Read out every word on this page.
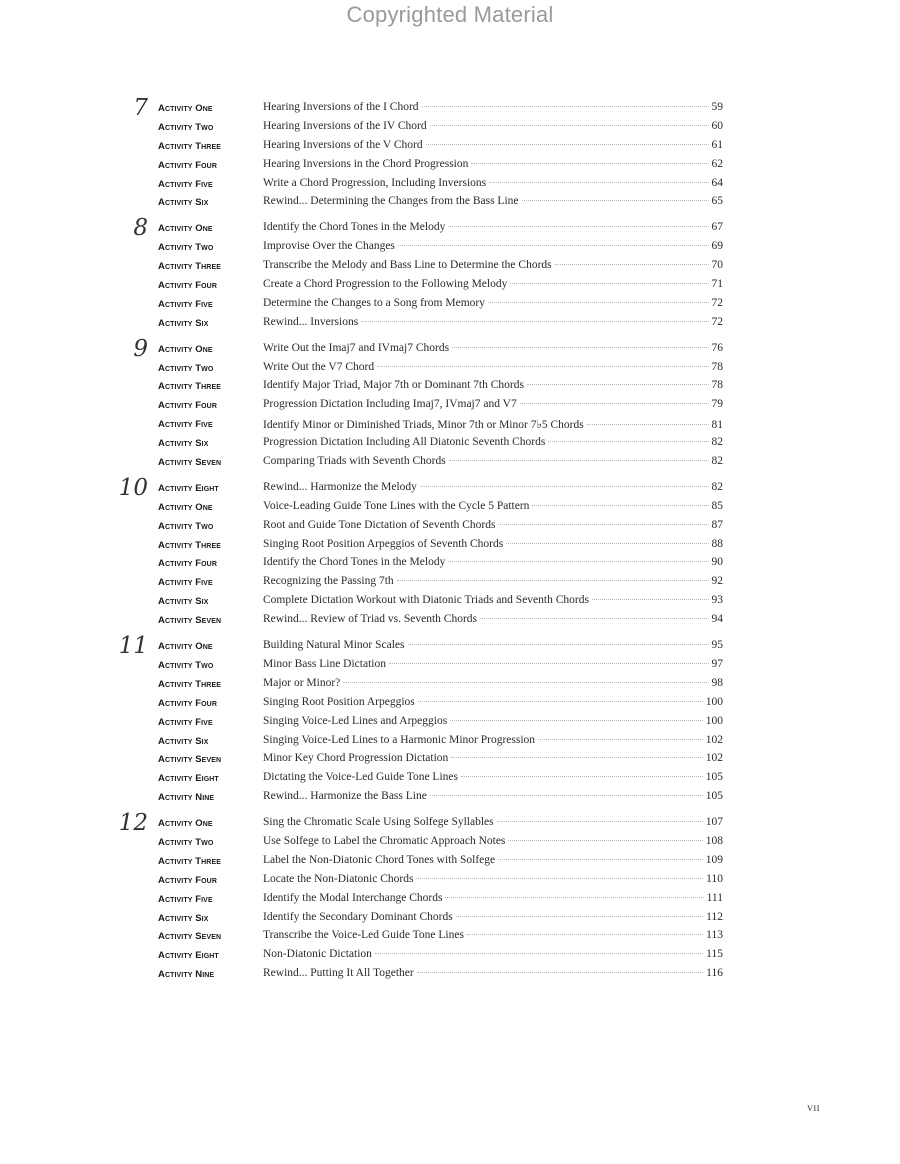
Copyrighted Material
7 Activity One	Hearing Inversions of the I Chord	59
Activity Two	Hearing Inversions of the IV Chord	60
Activity Three	Hearing Inversions of the V Chord	61
Activity Four	Hearing Inversions in the Chord Progression	62
Activity Five	Write a Chord Progression, Including Inversions	64
Activity Six	Rewind... Determining the Changes from the Bass Line	65
8 Activity One	Identify the Chord Tones in the Melody	67
Activity Two	Improvise Over the Changes	69
Activity Three	Transcribe the Melody and Bass Line to Determine the Chords	70
Activity Four	Create a Chord Progression to the Following Melody	71
Activity Five	Determine the Changes to a Song from Memory	72
Activity Six	Rewind... Inversions	72
9 Activity One	Write Out the Imaj7 and IVmaj7 Chords	76
Activity Two	Write Out the V7 Chord	78
Activity Three	Identify Major Triad, Major 7th or Dominant 7th Chords	78
Activity Four	Progression Dictation Including Imaj7, IVmaj7 and V7	79
Activity Five	Identify Minor or Diminished Triads, Minor 7th or Minor 7♭5 Chords	81
Activity Six	Progression Dictation Including All Diatonic Seventh Chords	82
Activity Seven	Comparing Triads with Seventh Chords	82
10 Activity Eight	Rewind... Harmonize the Melody	82
Activity One	Voice-Leading Guide Tone Lines with the Cycle 5 Pattern	85
Activity Two	Root and Guide Tone Dictation of Seventh Chords	87
Activity Three	Singing Root Position Arpeggios of Seventh Chords	88
Activity Four	Identify the Chord Tones in the Melody	90
Activity Five	Recognizing the Passing 7th	92
Activity Six	Complete Dictation Workout with Diatonic Triads and Seventh Chords	93
Activity Seven	Rewind... Review of Triad vs. Seventh Chords	94
11 Activity One	Building Natural Minor Scales	95
Activity Two	Minor Bass Line Dictation	97
Activity Three	Major or Minor?	98
Activity Four	Singing Root Position Arpeggios	100
Activity Five	Singing Voice-Led Lines and Arpeggios	100
Activity Six	Singing Voice-Led Lines to a Harmonic Minor Progression	102
Activity Seven	Minor Key Chord Progression Dictation	102
Activity Eight	Dictating the Voice-Led Guide Tone Lines	105
Activity Nine	Rewind... Harmonize the Bass Line	105
12 Activity One	Sing the Chromatic Scale Using Solfege Syllables	107
Activity Two	Use Solfege to Label the Chromatic Approach Notes	108
Activity Three	Label the Non-Diatonic Chord Tones with Solfege	109
Activity Four	Locate the Non-Diatonic Chords	110
Activity Five	Identify the Modal Interchange Chords	111
Activity Six	Identify the Secondary Dominant Chords	112
Activity Seven	Transcribe the Voice-Led Guide Tone Lines	113
Activity Eight	Non-Diatonic Dictation	115
Activity Nine	Rewind... Putting It All Together	116
vii
